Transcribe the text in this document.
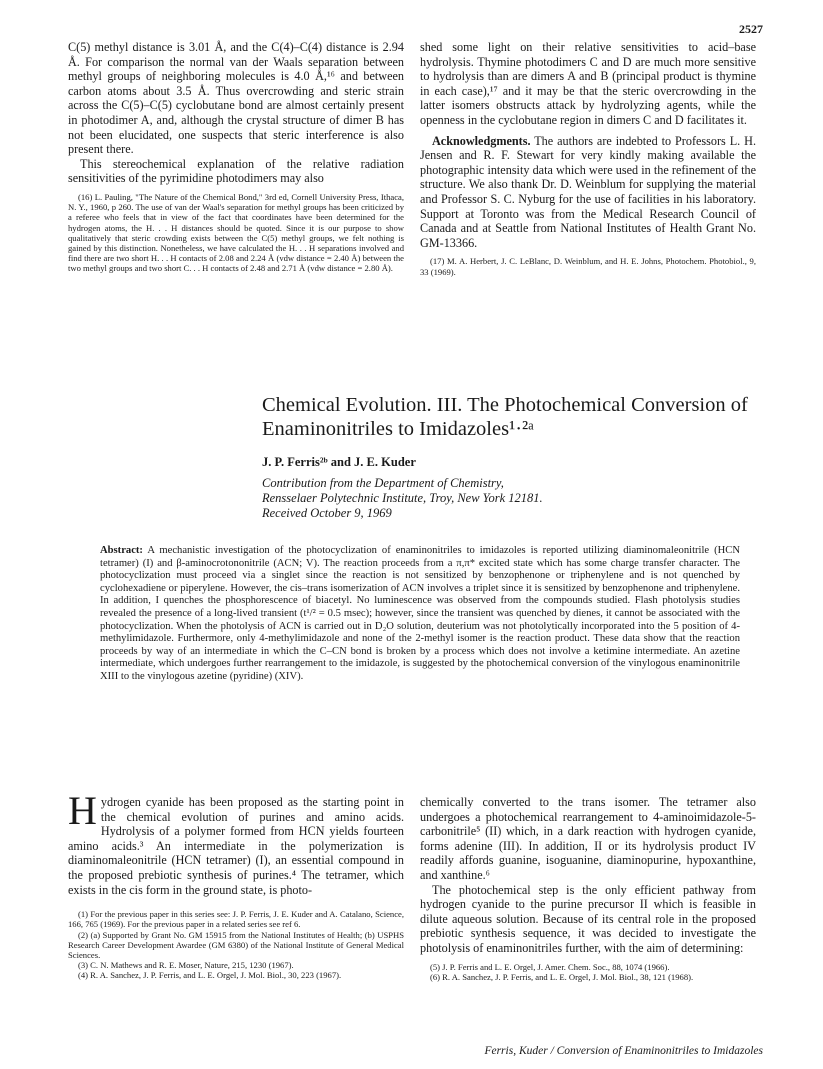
2527

C(5) methyl distance is 3.01 Å, and the C(4)–C(4) distance is 2.94 Å. For comparison the normal van der Waals separation between methyl groups of neighboring molecules is 4.0 Å,¹⁶ and between carbon atoms about 3.5 Å. Thus overcrowding and steric strain across the C(5)–C(5) cyclobutane bond are almost certainly present in photodimer A, and, although the crystal structure of dimer B has not been elucidated, one suspects that steric interference is also present there.

This stereochemical explanation of the relative radiation sensitivities of the pyrimidine photodimers may also

(16) L. Pauling, "The Nature of the Chemical Bond," 3rd ed, Cornell University Press, Ithaca, N. Y., 1960, p 260. The use of van der Waal's separation for methyl groups has been criticized by a referee who feels that in view of the fact that coordinates have been determined for the hydrogen atoms, the H. . . H distances should be quoted. Since it is our purpose to show qualitatively that steric crowding exists between the C(5) methyl groups, we felt nothing is gained by this distinction. Nonetheless, we have calculated the H. . . H separations involved and find there are two short H. . . H contacts of 2.08 and 2.24 Å (vdw distance = 2.40 Å) between the two methyl groups and two short C. . . H contacts of 2.48 and 2.71 Å (vdw distance = 2.80 Å).

shed some light on their relative sensitivities to acid–base hydrolysis. Thymine photodimers C and D are much more sensitive to hydrolysis than are dimers A and B (principal product is thymine in each case),¹⁷ and it may be that the steric overcrowding in the latter isomers obstructs attack by hydrolyzing agents, while the openness in the cyclobutane region in dimers C and D facilitates it.

Acknowledgments. The authors are indebted to Professors L. H. Jensen and R. F. Stewart for very kindly making available the photographic intensity data which were used in the refinement of the structure. We also thank Dr. D. Weinblum for supplying the material and Professor S. C. Nyburg for the use of facilities in his laboratory. Support at Toronto was from the Medical Research Council of Canada and at Seattle from National Institutes of Health Grant No. GM-13366.

(17) M. A. Herbert, J. C. LeBlanc, D. Weinblum, and H. E. Johns, Photochem. Photobiol., 9, 33 (1969).

Chemical Evolution. III. The Photochemical Conversion of Enaminonitriles to Imidazoles¹·²ᵃ

J. P. Ferris²ᵇ and J. E. Kuder

Contribution from the Department of Chemistry,
Rensselaer Polytechnic Institute, Troy, New York 12181.
Received October 9, 1969

Abstract: A mechanistic investigation of the photocyclization of enaminonitriles to imidazoles is reported utilizing diaminomaleonitrile (HCN tetramer) (I) and β-aminocrotononitrile (ACN; V). The reaction proceeds from a π,π* excited state which has some charge transfer character. The photocyclization must proceed via a singlet since the reaction is not sensitized by benzophenone or triphenylene and is not quenched by cyclohexadiene or piperylene. However, the cis–trans isomerization of ACN involves a triplet since it is sensitized by benzophenone and triphenylene. In addition, I quenches the phosphorescence of biacetyl. No luminescence was observed from the compounds studied. Flash photolysis studies revealed the presence of a long-lived transient (t¹/² = 0.5 msec); however, since the transient was quenched by dienes, it cannot be associated with the photocyclization. When the photolysis of ACN is carried out in D₂O solution, deuterium was not photolytically incorporated into the 5 position of 4-methylimidazole. Furthermore, only 4-methylimidazole and none of the 2-methyl isomer is the reaction product. These data show that the reaction proceeds by way of an intermediate in which the C–CN bond is broken by a process which does not involve a ketimine intermediate. An azetine intermediate, which undergoes further rearrangement to the imidazole, is suggested by the photochemical conversion of the vinylogous enaminonitrile XIII to the vinylogous azetine (pyridine) (XIV).

Hydrogen cyanide has been proposed as the starting point in the chemical evolution of purines and amino acids. Hydrolysis of a polymer formed from HCN yields fourteen amino acids.³ An intermediate in the polymerization is diaminomaleonitrile (HCN tetramer) (I), an essential compound in the proposed prebiotic synthesis of purines.⁴ The tetramer, which exists in the cis form in the ground state, is photo-

(1) For the previous paper in this series see: J. P. Ferris, J. E. Kuder and A. Catalano, Science, 166, 765 (1969). For the previous paper in a related series see ref 6.

(2) (a) Supported by Grant No. GM 15915 from the National Institutes of Health; (b) USPHS Research Career Development Awardee (GM 6380) of the National Institute of General Medical Sciences.

(3) C. N. Mathews and R. E. Moser, Nature, 215, 1230 (1967).

(4) R. A. Sanchez, J. P. Ferris, and L. E. Orgel, J. Mol. Biol., 30, 223 (1967).

chemically converted to the trans isomer. The tetramer also undergoes a photochemical rearrangement to 4-aminoimidazole-5-carbonitrile⁵ (II) which, in a dark reaction with hydrogen cyanide, forms adenine (III). In addition, II or its hydrolysis product IV readily affords guanine, isoguanine, diaminopurine, hypoxanthine, and xanthine.⁶

The photochemical step is the only efficient pathway from hydrogen cyanide to the purine precursor II which is feasible in dilute aqueous solution. Because of its central role in the proposed prebiotic synthesis sequence, it was decided to investigate the photolysis of enaminonitriles further, with the aim of determining:

(5) J. P. Ferris and L. E. Orgel, J. Amer. Chem. Soc., 88, 1074 (1966).

(6) R. A. Sanchez, J. P. Ferris, and L. E. Orgel, J. Mol. Biol., 38, 121 (1968).

Ferris, Kuder / Conversion of Enaminonitriles to Imidazoles
